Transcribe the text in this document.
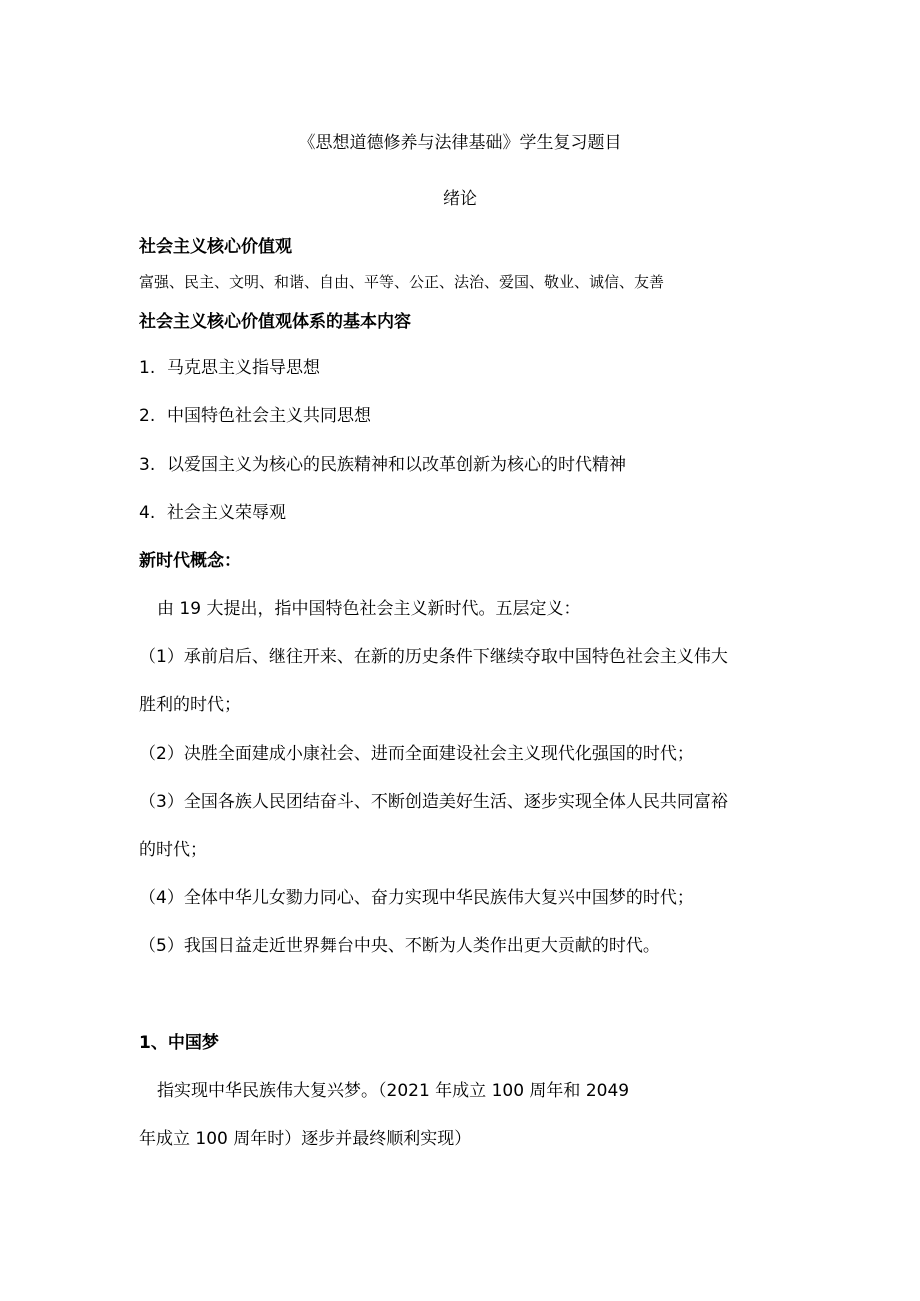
《思想道德修养与法律基础》学生复习题目
绪论
社会主义核心价值观
富强、民主、文明、和谐、自由、平等、公正、法治、爱国、敬业、诚信、友善
社会主义核心价值观体系的基本内容
1. 马克思主义指导思想
2. 中国特色社会主义共同思想
3. 以爱国主义为核心的民族精神和以改革创新为核心的时代精神
4. 社会主义荣辱观
新时代概念：
由 19 大提出，指中国特色社会主义新时代。五层定义：
（1）承前启后、继往开来、在新的历史条件下继续夺取中国特色社会主义伟大
胜利的时代；
（2）决胜全面建成小康社会、进而全面建设社会主义现代化强国的时代；
（3）全国各族人民团结奋斗、不断创造美好生活、逐步实现全体人民共同富裕
的时代；
（4）全体中华儿女勠力同心、奋力实现中华民族伟大复兴中国梦的时代；
（5）我国日益走近世界舞台中央、不断为人类作出更大贡献的时代。
1、中国梦
指实现中华民族伟大复兴梦。（2021 年成立 100 周年和 2049
年成立 100 周年时）逐步并最终顺利实现）
